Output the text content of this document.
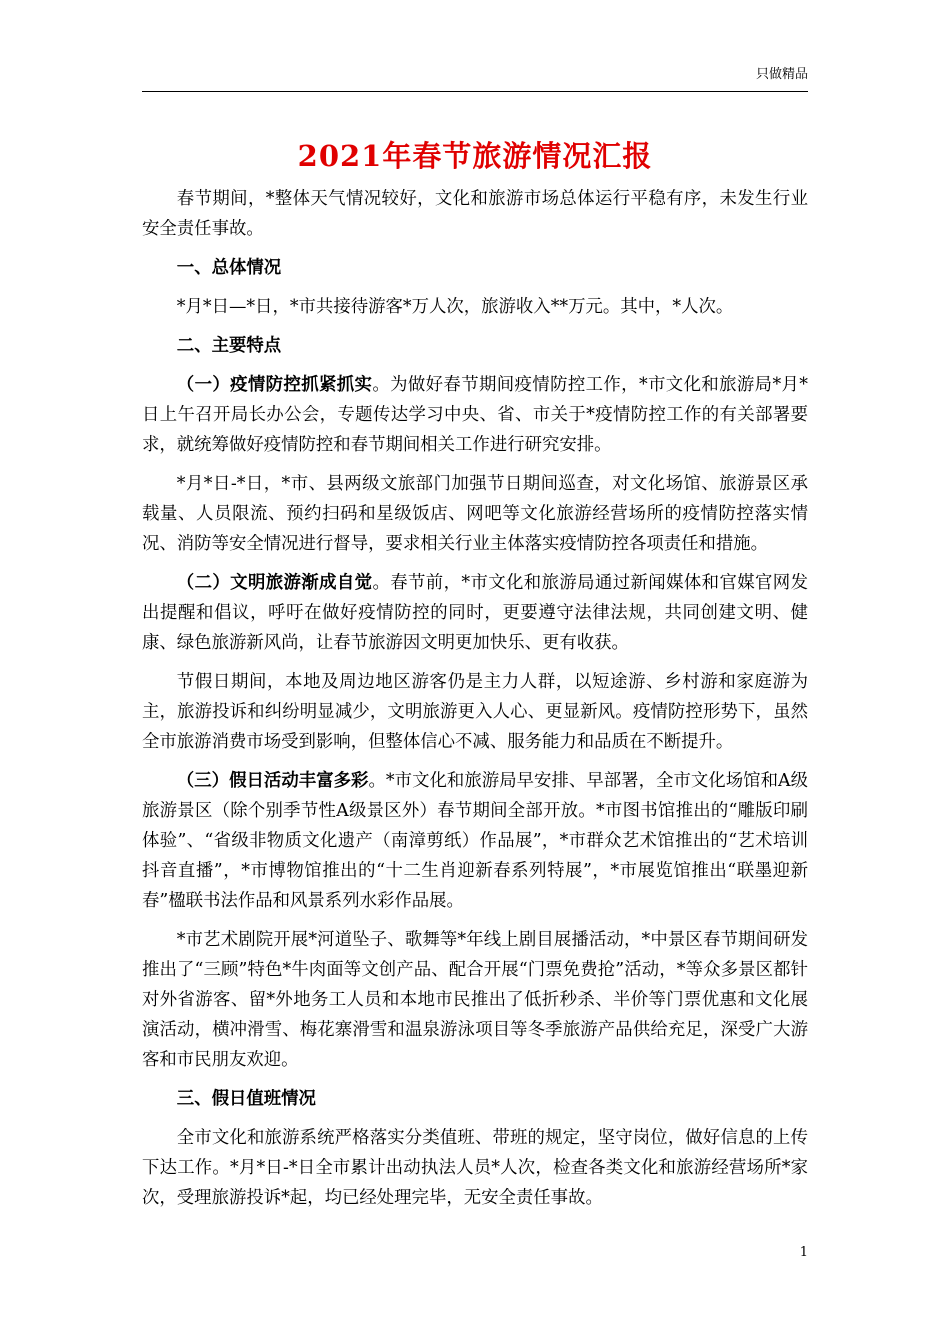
只做精品
2021年春节旅游情况汇报

春节期间，*整体天气情况较好，文化和旅游市场总体运行平稳有序，未发生行业安全责任事故。

一、总体情况

*月*日—*日，*市共接待游客*万人次，旅游收入**万元。其中，*人次。

二、主要特点

（一）疫情防控抓紧抓实。为做好春节期间疫情防控工作，*市文化和旅游局*月*日上午召开局长办公会，专题传达学习中央、省、市关于*疫情防控工作的有关部署要求，就统筹做好疫情防控和春节期间相关工作进行研究安排。

*月*日-*日，*市、县两级文旅部门加强节日期间巡查，对文化场馆、旅游景区承载量、人员限流、预约扫码和星级饭店、网吧等文化旅游经营场所的疫情防控落实情况、消防等安全情况进行督导，要求相关行业主体落实疫情防控各项责任和措施。

（二）文明旅游渐成自觉。春节前，*市文化和旅游局通过新闻媒体和官媒官网发出提醒和倡议，呼吁在做好疫情防控的同时，更要遵守法律法规，共同创建文明、健康、绿色旅游新风尚，让春节旅游因文明更加快乐、更有收获。

节假日期间，本地及周边地区游客仍是主力人群，以短途游、乡村游和家庭游为主，旅游投诉和纠纷明显减少，文明旅游更入人心、更显新风。疫情防控形势下，虽然全市旅游消费市场受到影响，但整体信心不减、服务能力和品质在不断提升。

（三）假日活动丰富多彩。*市文化和旅游局早安排、早部署，全市文化场馆和A级旅游景区（除个别季节性A级景区外）春节期间全部开放。*市图书馆推出的“雕版印刷体验”、“省级非物质文化遗产（南漳剪纸）作品展”，*市群众艺术馆推出的“艺术培训抖音直播”，*市博物馆推出的“十二生肖迎新春系列特展”，*市展览馆推出“联墨迎新春”楹联书法作品和风景系列水彩作品展。

*市艺术剧院开展*河道坠子、歌舞等*年线上剧目展播活动，*中景区春节期间研发推出了“三顾”特色*牛肉面等文创产品、配合开展“门票免费抢”活动，*等众多景区都针对外省游客、留*外地务工人员和本地市民推出了低折秒杀、半价等门票优惠和文化展演活动，横冲滑雪、梅花寨滑雪和温泉游泳项目等冬季旅游产品供给充足，深受广大游客和市民朋友欢迎。

三、假日值班情况

全市文化和旅游系统严格落实分类值班、带班的规定，坚守岗位，做好信息的上传下达工作。*月*日-*日全市累计出动执法人员*人次，检查各类文化和旅游经营场所*家次，受理旅游投诉*起，均已经处理完毕，无安全责任事故。

1
